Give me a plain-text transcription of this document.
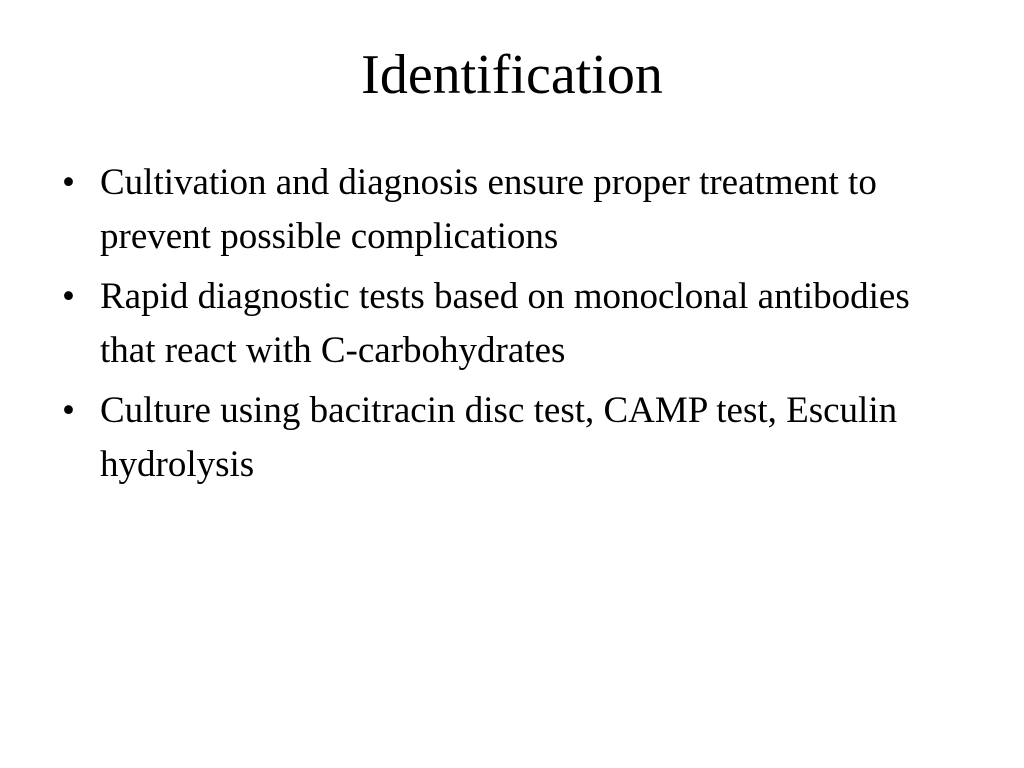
Identification
• Cultivation and diagnosis ensure proper treatment to prevent possible complications
• Rapid diagnostic tests based on monoclonal antibodies that react with C-carbohydrates
• Culture using bacitracin disc test, CAMP test, Esculin hydrolysis
